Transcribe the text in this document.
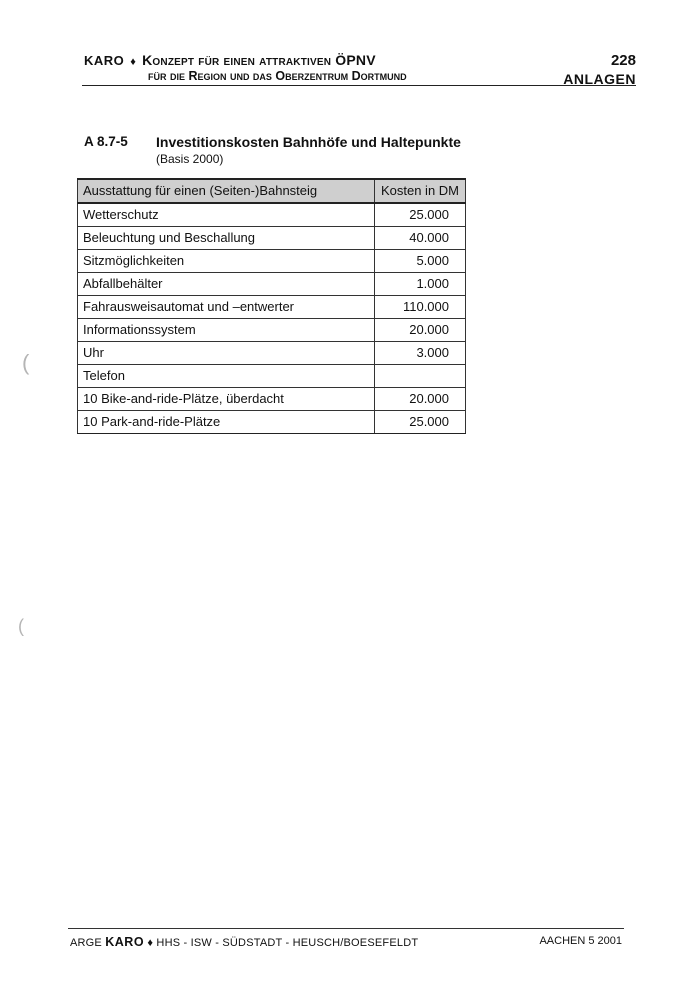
KARO ♦ Konzept für einen attraktiven ÖPNV
für die Region und das Oberzentrum Dortmund
228
ANLAGEN
A 8.7-5 Investitionskosten Bahnhöfe und Haltepunkte
(Basis 2000)
Ausstattung für einen (Seiten-)Bahnsteig	Kosten in DM
Wetterschutz	25.000
Beleuchtung und Beschallung	40.000
Sitzmöglichkeiten	5.000
Abfallbehälter	1.000
Fahrausweisautomat und –entwerter	110.000
Informationssystem	20.000
Uhr	3.000
Telefon	
10 Bike-and-ride-Plätze, überdacht	20.000
10 Park-and-ride-Plätze	25.000
(
(
ARGE KARO ♦ HHS - ISW - SÜDSTADT - HEUSCH/BOESEFELDT	AACHEN 5 2001
